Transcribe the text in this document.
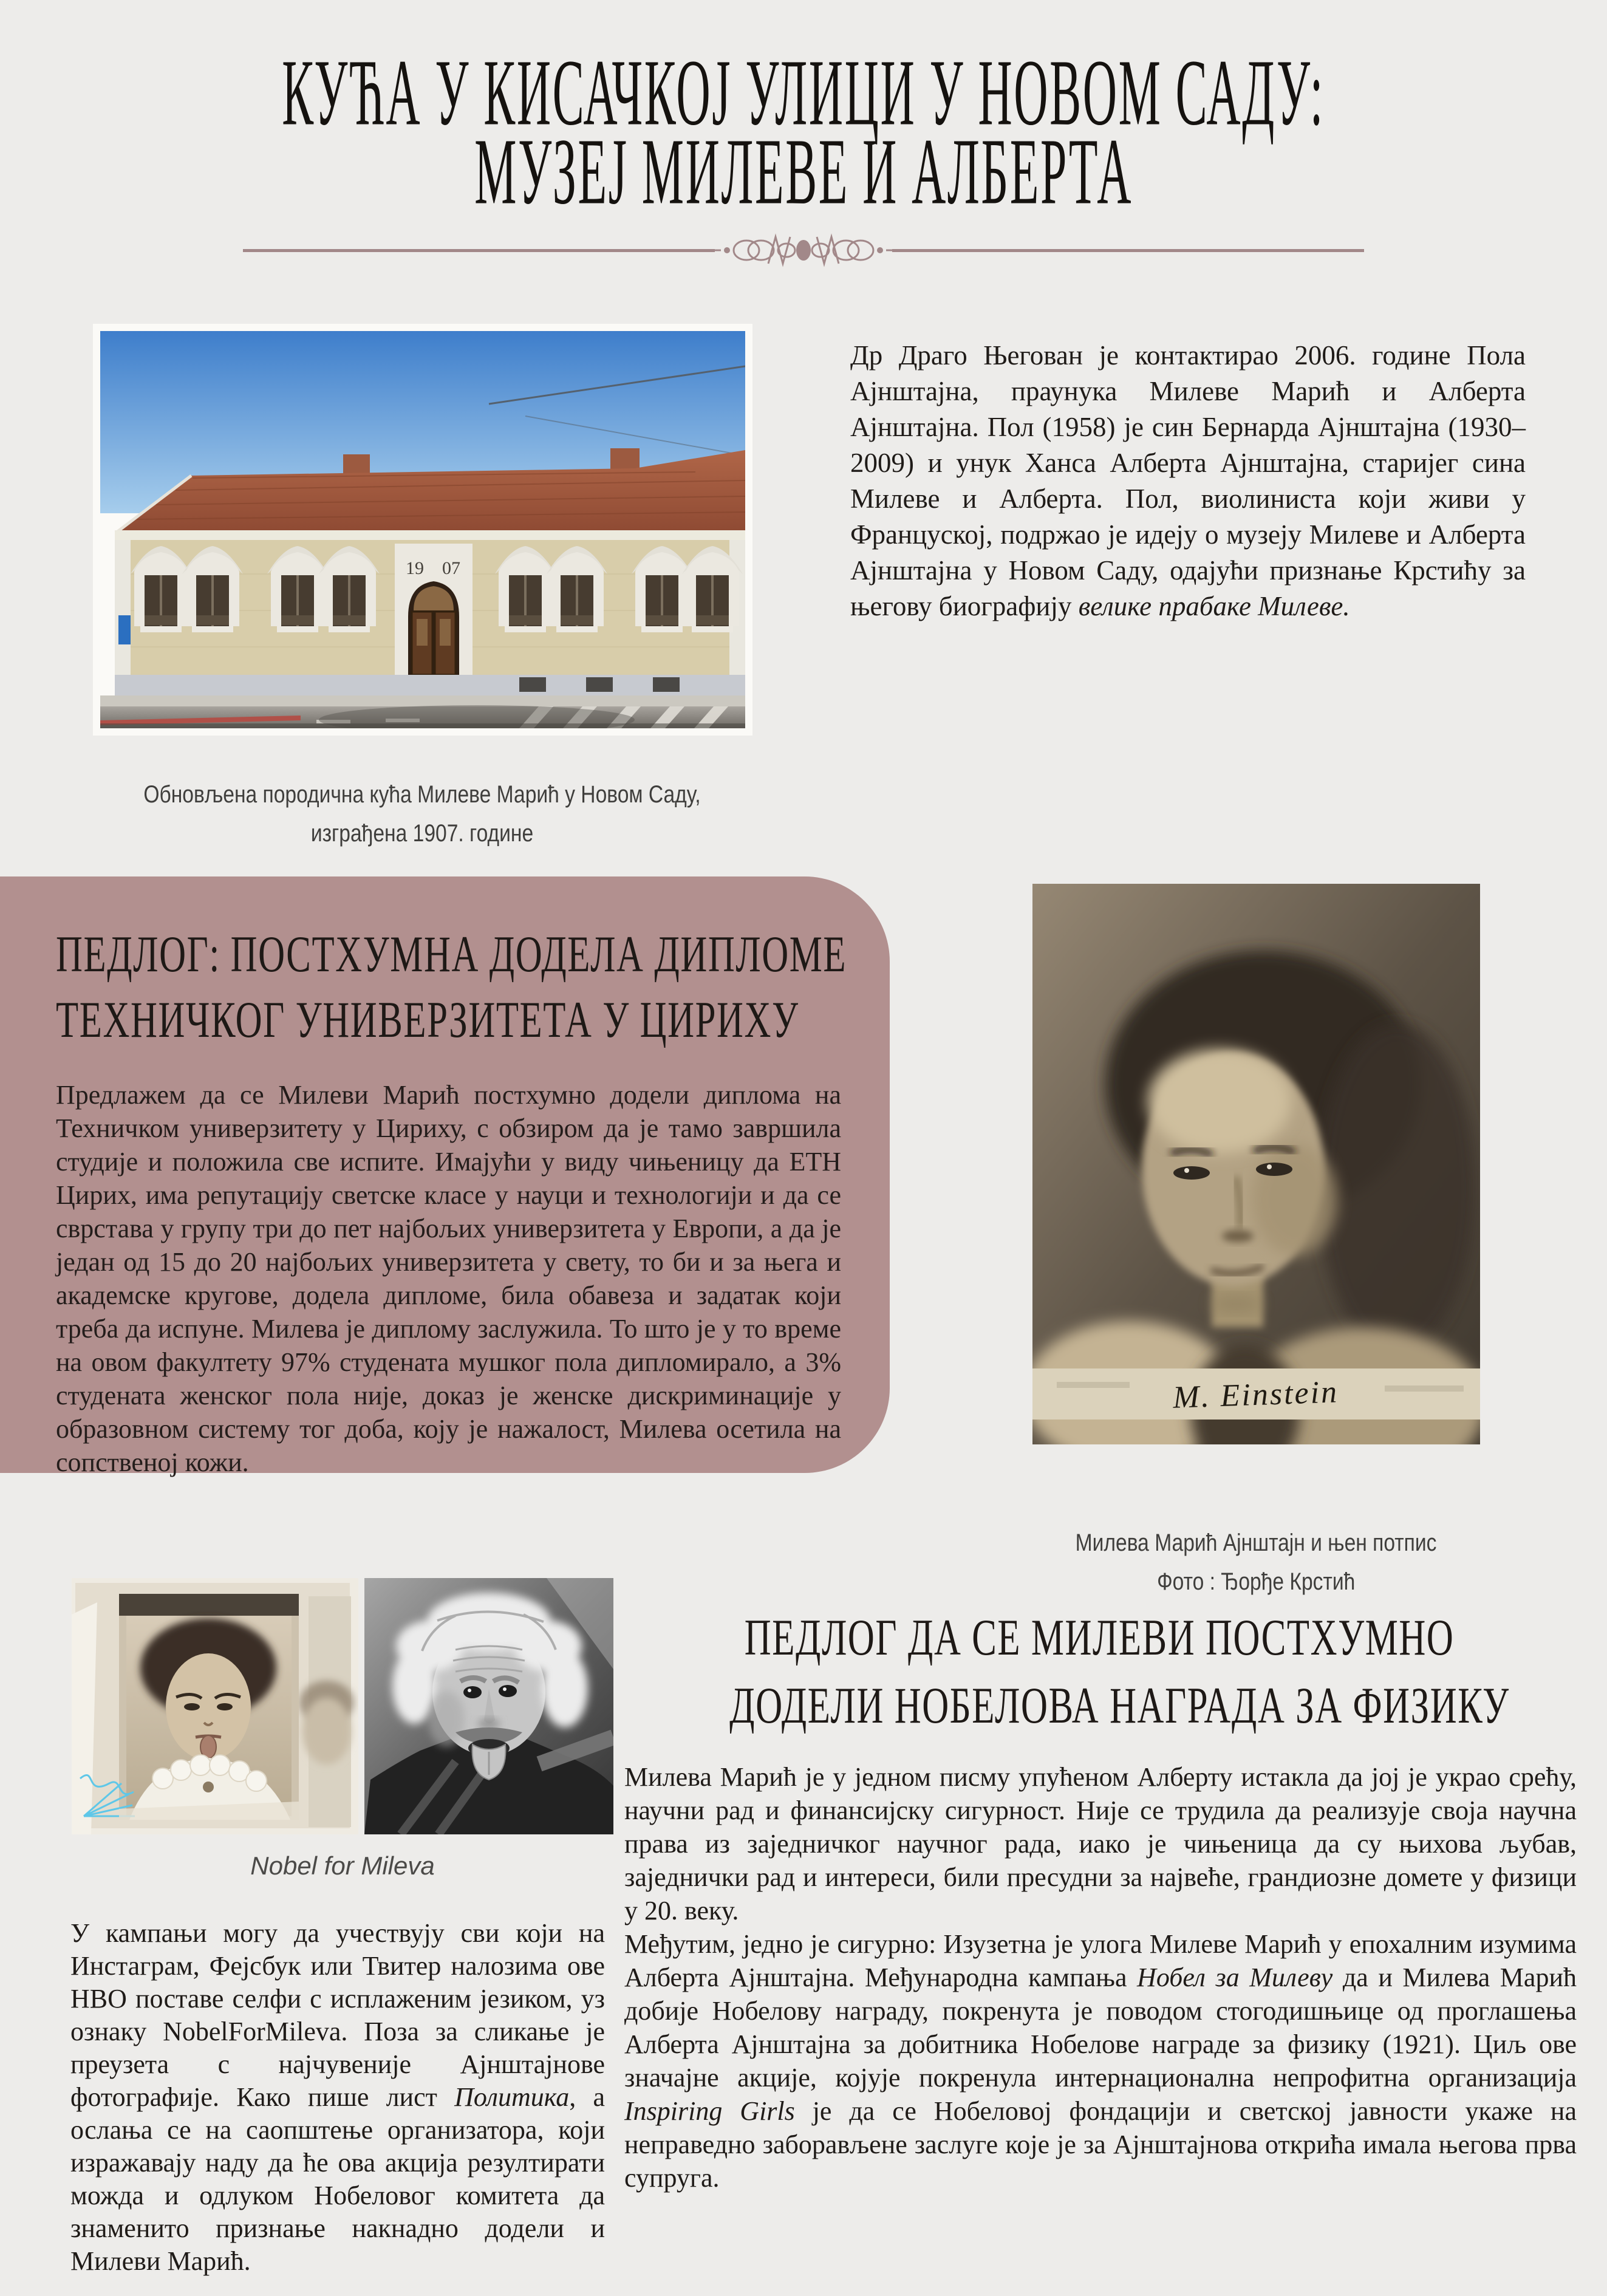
КУЋА У КИСАЧКОЈ УЛИЦИ У НОВОМ САДУ:
МУЗЕЈ МИЛЕВЕ И АЛБЕРТА
19 07

Др Драго Његован је контактирао 2006. године Пола Ајнштајна, праунука Милеве Марић и Алберта Ајнштајна. Пол (1958) је син Бернарда Ајнштајна (1930–2009) и унук Ханса Алберта Ајнштајна, старијег сина Милеве и Алберта. Пол, виолиниста који живи у Француској, подржао је идеју о музеју Милеве и Алберта Ајнштајна у Новом Саду, одајући признање Крстићу за његову биографију велике прабаке Милеве.

Обновљена породична кућа Милеве Марић у Новом Саду,
изграђена 1907. године
ПЕДЛОГ: ПОСТХУМНА ДОДЕЛА ДИПЛОМЕ
ТЕХНИЧКОГ УНИВЕРЗИТЕТА У ЦИРИХУ

Предлажем да се Милеви Марић постхумно додели диплома на Техничком универзитету у Цириху, с обзиром да је тамо завршила студије и положила све испите. Имајући у виду чињеницу да ЕТН Цирих, има репутацију светске класе у науци и технологији и да се сврстава у групу три до пет најбољих универзитета у Европи, а да је један од 15 до 20 најбољих универзитета у свету, то би и за њега и академске кругове, додела дипломе, била обавеза и задатак који треба да испуне. Милева је диплому заслужила. То што је у то време на овом факултету 97% студената мушког пола дипломирало, а 3% студената женског пола није, доказ је женске дискриминације у образовном систему тог доба, коју је нажалост, Милева осетила на сопственој кожи.

M. Einstein
Милева Марић Ајнштајн и њен потпис
Фото : Ђорђе Крстић
Nobel for Mileva

У кампањи могу да учествују сви који на Инстаграм, Фејсбук или Твитер налозима ове НВО поставе селфи с исплаженим језиком, уз ознаку NobelForMileva. Поза за сликање је преузета с најчувеније Ајнштајнове фотографије. Како пише лист Политика, а ослања се на саопштење организатора, који изражавају наду да ће ова акција резултирати можда и одлуком Нобеловог комитета да знаменито признање накнадно додели и Милеви Марић.

ПЕДЛОГ ДА СЕ МИЛЕВИ ПОСТХУМНО
ДОДЕЛИ НОБЕЛОВА НАГРАДА ЗА ФИЗИКУ

Милева Марић је у једном писму упућеном Алберту истакла да јој је украо срећу, научни рад и финансијску сигурност. Није се трудила да реализује своја научна права из заједничког научног рада, иако је чињеница да су њихова љубав, заједнички рад и интереси, били пресудни за највеће, грандиозне домете у физици у 20. веку.

Међутим, једно је сигурно: Изузетна је улога Милеве Марић у епохалним изумима Алберта Ајнштајна. Међународна кампања Нобел за Милеву да и Милева Марић добије Нобелову награду, покренута је поводом стогодишњице од проглашења Алберта Ајнштајна за добитника Нобелове награде за физику (1921). Циљ ове значајне акције, којује покренула интернационална непрофитна организација Inspiring Girls је да се Нобеловој фондацији и светској јавности укаже на неправедно заборављене заслуге које је за Ајнштајнова открића имала његова прва супруга.
